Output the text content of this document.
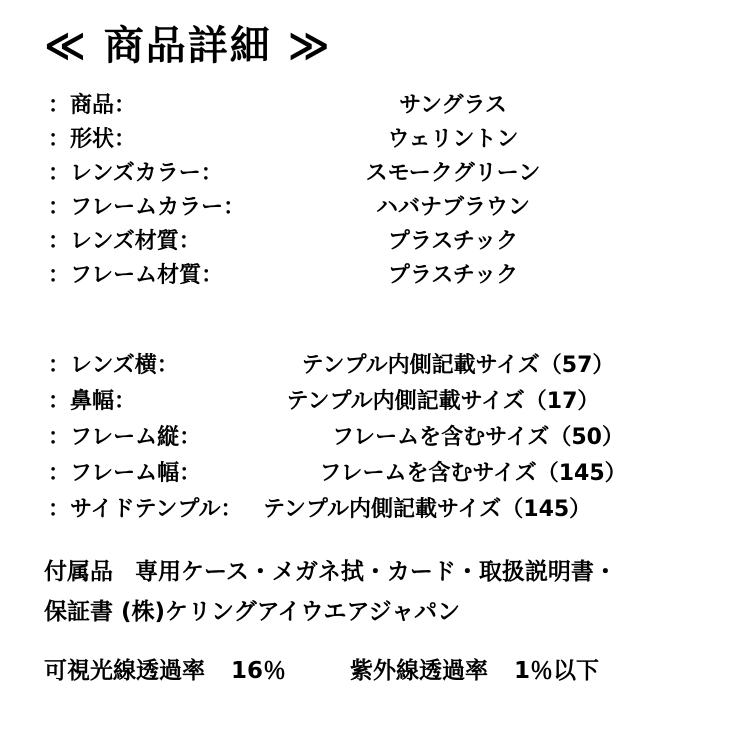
≪ 商品詳細 ≫
：商品：	サングラス
：形状：	ウェリントン
：レンズカラー：	スモークグリーン
：フレームカラー：	ハバナブラウン
：レンズ材質：	プラスチック
：フレーム材質：	プラスチック
：レンズ横：	テンプル内側記載サイズ（57）
：鼻幅：	テンプル内側記載サイズ（17）
：フレーム縦：	フレームを含むサイズ（50）
：フレーム幅：	フレームを含むサイズ（145）
：サイドテンプル： テンプル内側記載サイズ（145）
付属品 専用ケース・メガネ拭・カード・取扱説明書・
保証書 (株)ケリングアイウエアジャパン
可視光線透過率 16％	紫外線透過率 1％以下
